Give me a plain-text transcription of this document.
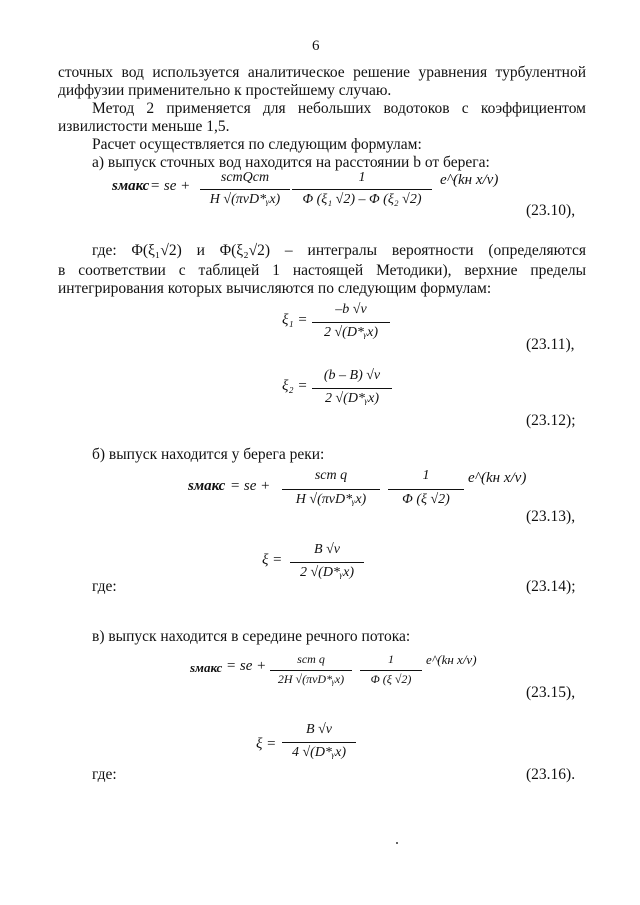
6
сточных вод используется аналитическое решение уравнения турбулентной
диффузии применительно к простейшему случаю.
Метод 2 применяется для небольших водотоков с коэффициентом
извилистости меньше 1,5.
Расчет осуществляется по следующим формулам:
а) выпуск сточных вод находится на расстоянии b от берега:
sмакс = sе +
sстQст
H √(πvD*ᵧx)
1
Φ (ξ₁ √2) – Φ (ξ₂ √2)
e^(kн x/v)
(23.10),
где: Φ(ξ₁√2) и Φ(ξ₂√2) – интегралы вероятности (определяются
в соответствии с таблицей 1 настоящей Методики), верхние пределы
интегрирования которых вычисляются по следующим формулам:
ξ₁ =
–b √v
2 √(D*ᵧx)
(23.11),
ξ₂ =
(b – B) √v
2 √(D*ᵧx)
(23.12);
б) выпуск находится у берега реки:
sмакс = sе +
sст q
H √(πvD*ᵧx)
1
Φ (ξ √2)
e^(kн x/v)
(23.13),
ξ =
B √v
2 √(D*ᵧx)
где:	(23.14);
в) выпуск находится в середине речного потока:
sмакс = sе +	sст q
2H √(πvD*ᵧx)
1
Φ (ξ √2)
e^(kн x/v)
(23.15),
ξ =
B √v
4 √(D*ᵧx)
где:	(23.16).
